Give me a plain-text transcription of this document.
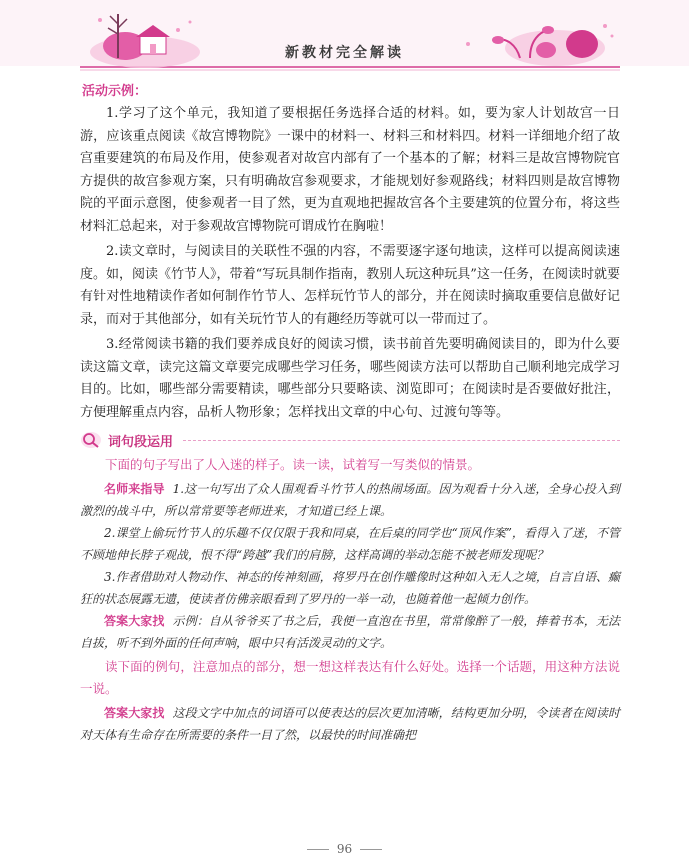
新教材完全解读
活动示例：

1.学习了这个单元，我知道了要根据任务选择合适的材料。如，要为家人计划故宫一日游，应该重点阅读《故宫博物院》一课中的材料一、材料三和材料四。材料一详细地介绍了故宫重要建筑的布局及作用，使参观者对故宫内部有了一个基本的了解；材料三是故宫博物院官方提供的故宫参观方案，只有明确故宫参观要求，才能规划好参观路线；材料四则是故宫博物院的平面示意图，使参观者一目了然，更为直观地把握故宫各个主要建筑的位置分布，将这些材料汇总起来，对于参观故宫博物院可谓成竹在胸啦！

2.读文章时，与阅读目的关联性不强的内容，不需要逐字逐句地读，这样可以提高阅读速度。如，阅读《竹节人》，带着“写玩具制作指南，教别人玩这种玩具”这一任务，在阅读时就要有针对性地精读作者如何制作竹节人、怎样玩竹节人的部分，并在阅读时摘取重要信息做好记录，而对于其他部分，如有关玩竹节人的有趣经历等就可以一带而过了。

3.经常阅读书籍的我们要养成良好的阅读习惯，读书前首先要明确阅读目的，即为什么要读这篇文章，读完这篇文章要完成哪些学习任务，哪些阅读方法可以帮助自己顺利地完成学习目的。比如，哪些部分需要精读，哪些部分只要略读、浏览即可；在阅读时是否要做好批注，方便理解重点内容，品析人物形象；怎样找出文章的中心句、过渡句等等。

词句段运用

下面的句子写出了人入迷的样子。读一读，试着写一写类似的情景。

名师来指导 1.这一句写出了众人围观看斗竹节人的热闹场面。因为观看十分入迷，全身心投入到激烈的战斗中，所以常常要等老师进来，才知道已经上课。

2.课堂上偷玩竹节人的乐趣不仅仅限于我和同桌，在后桌的同学也“顶风作案”，看得入了迷，不管不顾地伸长脖子观战，恨不得“跨越”我们的肩膀，这样高调的举动怎能不被老师发现呢？

3.作者借助对人物动作、神态的传神刻画，将罗丹在创作雕像时这种如入无人之境，自言自语、癫狂的状态展露无遗，使读者仿佛亲眼看到了罗丹的一举一动，也随着他一起倾力创作。

答案大家找 示例：自从爷爷买了书之后，我便一直泡在书里，常常像醉了一般，捧着书本，无法自拔，听不到外面的任何声响，眼中只有活泼灵动的文字。

读下面的例句，注意加点的部分，想一想这样表达有什么好处。选择一个话题，用这种方法说一说。

答案大家找 这段文字中加点的词语可以使表达的层次更加清晰，结构更加分明，令读者在阅读时对天体有生命存在所需要的条件一目了然，以最快的时间准确把

96
